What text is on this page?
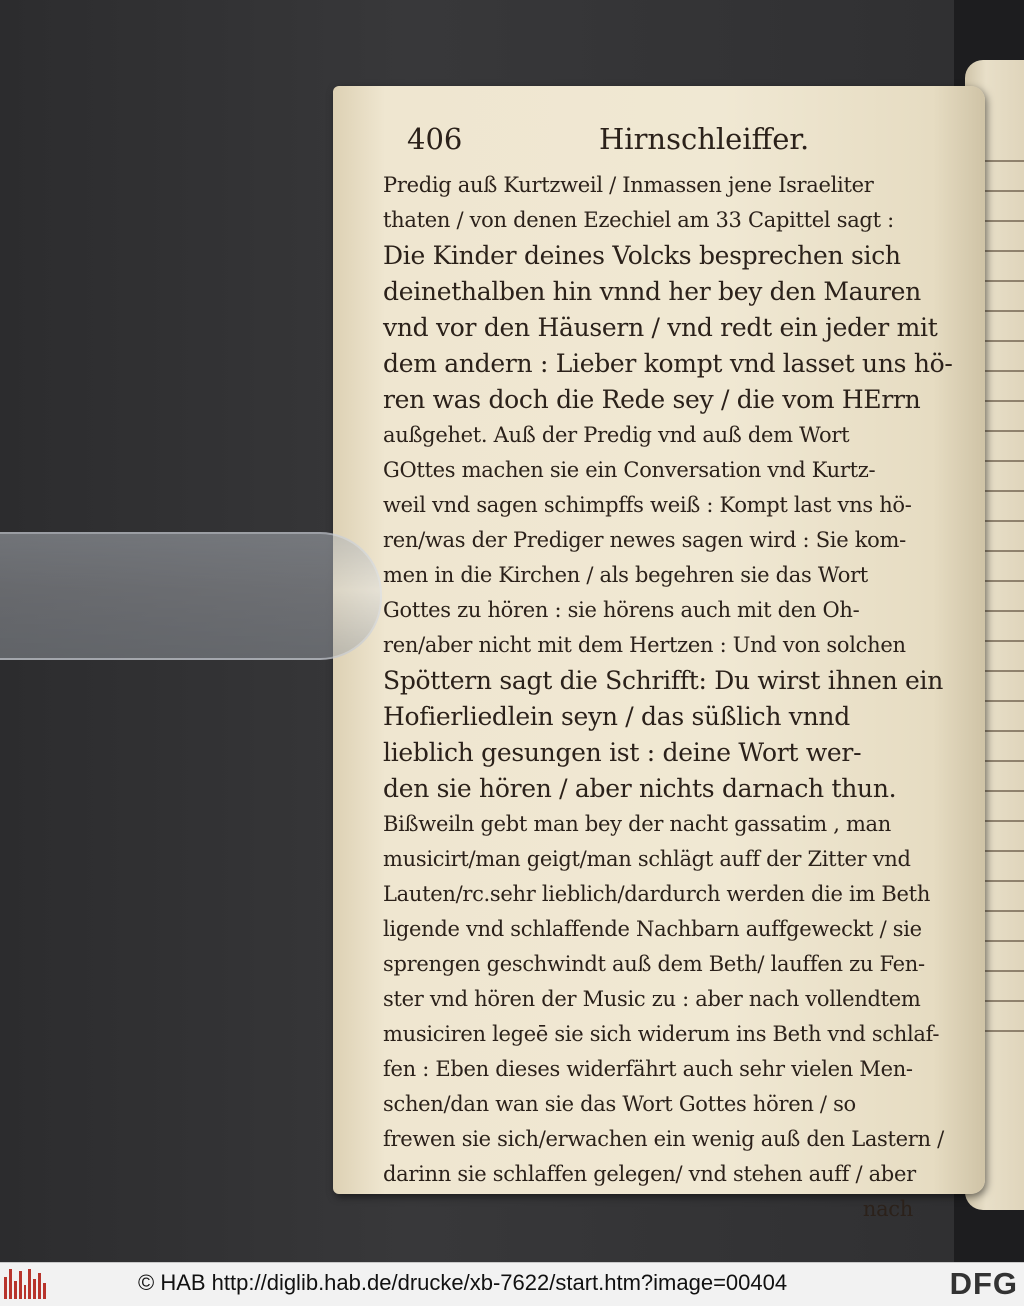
406	Hirnschleiffer.
Predig auß Kurtzweil / Inmassen jene Israeliter
thaten / von denen Ezechiel am 33 Capittel sagt :
Die Kinder deines Volcks besprechen sich
deinethalben hin vnnd her bey den Mauren
vnd vor den Häusern / vnd redt ein jeder mit
dem andern : Lieber kompt vnd lasset uns hö-
ren was doch die Rede sey / die vom HErrn
außgehet. Auß der Predig vnd auß dem Wort
GOttes machen sie ein Conversation vnd Kurtz-
weil vnd sagen schimpffs weiß : Kompt last vns hö-
ren/was der Prediger newes sagen wird : Sie kom-
men in die Kirchen / als begehren sie das Wort
Gottes zu hören : sie hörens auch mit den Oh-
ren/aber nicht mit dem Hertzen : Und von solchen
Spöttern sagt die Schrifft: Du wirst ihnen ein
Hofierliedlein seyn / das süßlich vnnd
lieblich gesungen ist : deine Wort wer-
den sie hören / aber nichts darnach thun.
Bißweiln gebt man bey der nacht gassatim , man
musicirt/man geigt/man schlägt auff der Zitter vnd
Lauten/rc.sehr lieblich/dardurch werden die im Beth
ligende vnd schlaffende Nachbarn auffgeweckt / sie
sprengen geschwindt auß dem Beth/ lauffen zu Fen-
ster vnd hören der Music zu : aber nach vollendtem
musiciren legeē sie sich widerum ins Beth vnd schlaf-
fen : Eben dieses widerfährt auch sehr vielen Men-
schen/dan wan sie das Wort Gottes hören / so
frewen sie sich/erwachen ein wenig auß den Lastern /
darinn sie schlaffen gelegen/ vnd stehen auff / aber
nach
© HAB http://diglib.hab.de/drucke/xb-7622/start.htm?image=00404	DFG
